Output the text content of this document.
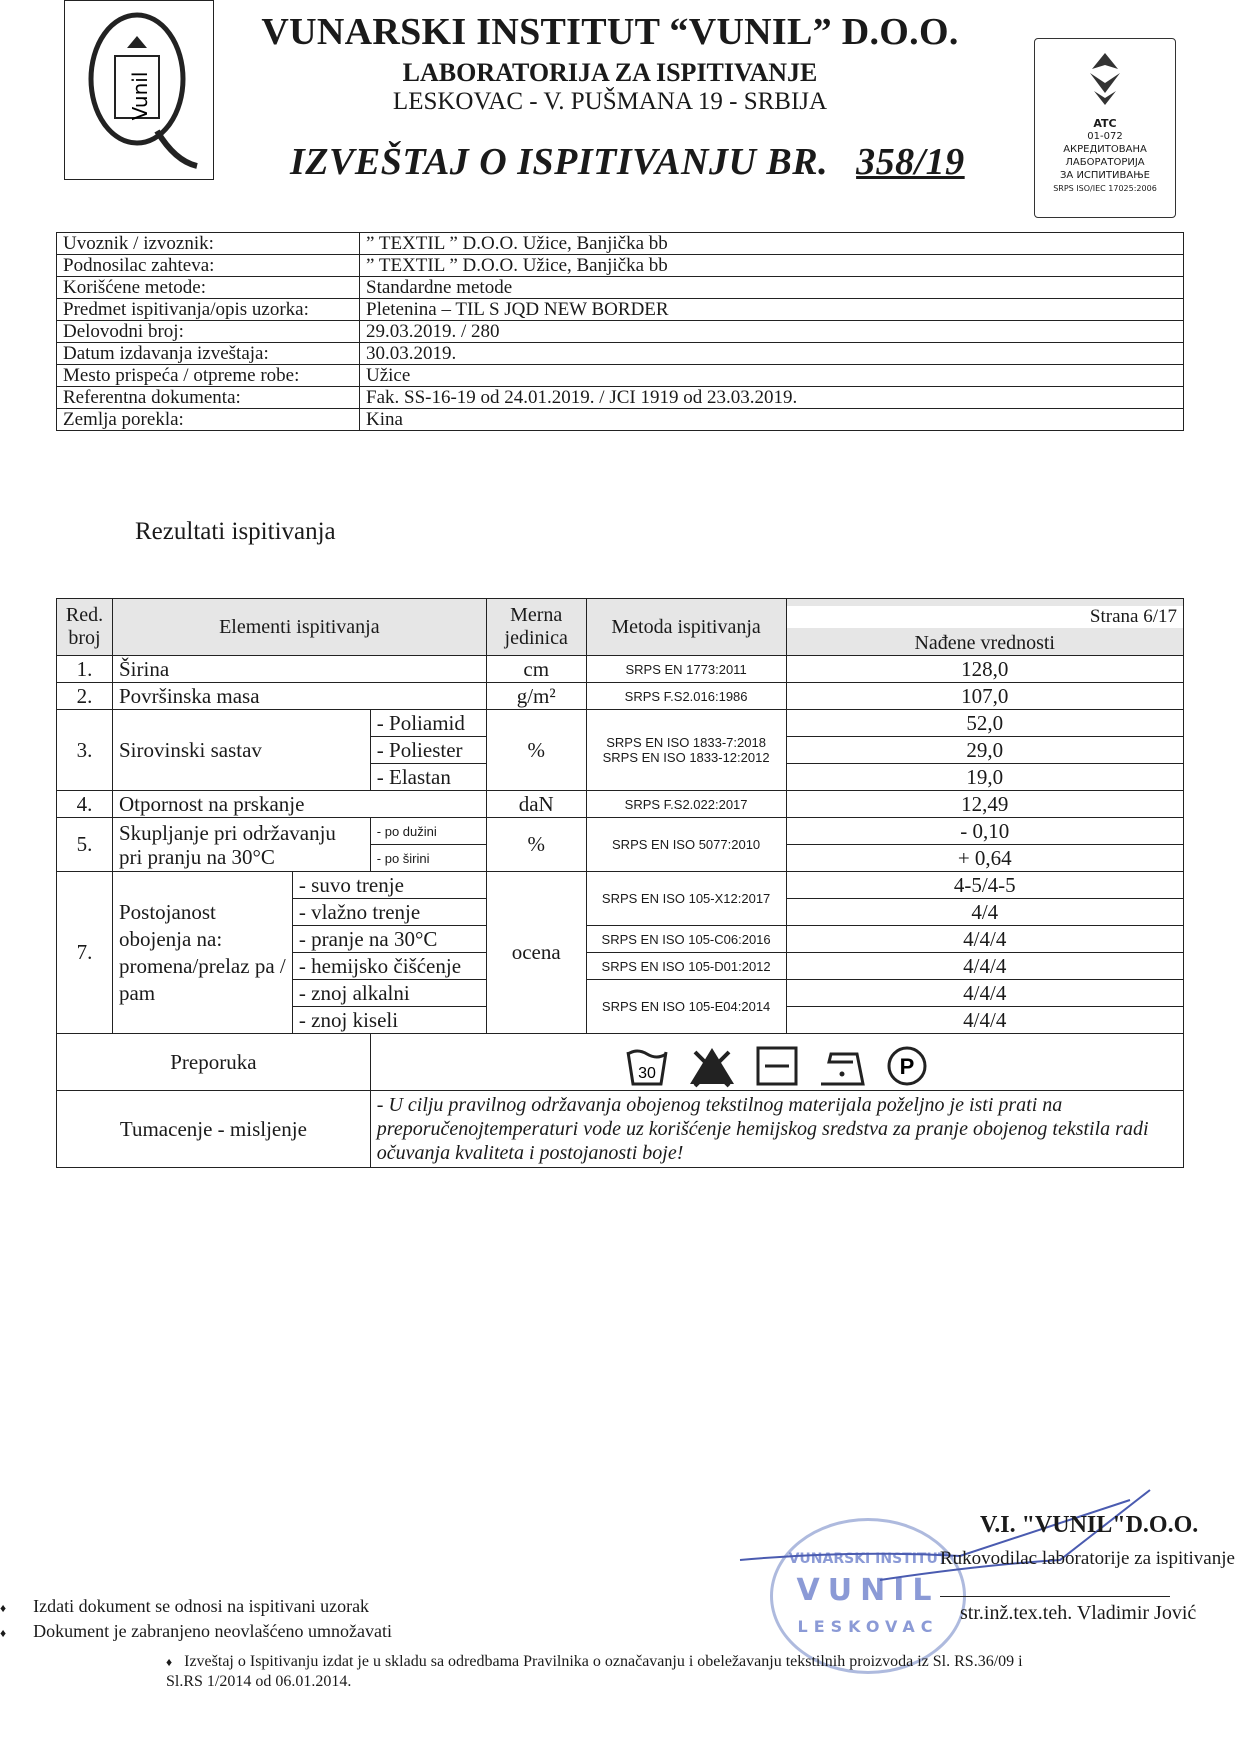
Vunil
VUNARSKI INSTITUT “VUNIL” D.O.O.
LABORATORIJA ZA ISPITIVANJE
LESKOVAC - V. PUŠMANA 19 - SRBIJA
IZVEŠTAJ O ISPITIVANJU BR. 358/19
ATC
01-072
АКРЕДИТОВАНА
ЛАБОРАТОРИЈА
ЗА ИСПИТИВАЊЕ
SRPS ISO/IEC 17025:2006
Uvoznik / izvoznik:	” TEXTIL ” D.O.O. Užice, Banjička bb
Podnosilac zahteva:	” TEXTIL ” D.O.O. Užice, Banjička bb
Korišćene metode:	Standardne metode
Predmet ispitivanja/opis uzorka:	Pletenina – TIL S JQD NEW BORDER
Delovodni broj:	29.03.2019. / 280
Datum izdavanja izveštaja:	30.03.2019.
Mesto prispeća / otpreme robe:	Užice
Referentna dokumenta:	Fak. SS-16-19 od 24.01.2019. / JCI 1919 od 23.03.2019.
Zemlja porekla:	Kina
Rezultati ispitivanja
Red. broj	Elementi ispitivanja			Merna jedinica	Metoda ispitivanja	Strana 6/17
Nađene vrednosti

1.	Širina			cm	SRPS EN 1773:2011	128,0
2.	Površinska masa			g/m²	SRPS F.S2.016:1986	107,0
3.	Sirovinski sastav		- Poliamid	%	SRPS EN ISO 1833-7:2018 SRPS EN ISO 1833-12:2012	52,0
			- Poliester			29,0
			- Elastan			19,0
4.	Otpornost na prskanje			daN	SRPS F.S2.022:2017	12,49
5.	Skupljanje pri održavanju pri pranju na 30°C		- po dužini	%	SRPS EN ISO 5077:2010	- 0,10
			- po širini			+ 0,64
7.	Postojanost obojenja na: promena/prelaz pa / pam	- suvo trenje		ocena	SRPS EN ISO 105-X12:2017	4-5/4-5
		- vlažno trenje				4/4
		- pranje na 30°C			SRPS EN ISO 105-C06:2016	4/4/4
		- hemijsko čišćenje			SRPS EN ISO 105-D01:2012	4/4/4
		- znoj alkalni			SRPS EN ISO 105-E04:2014	4/4/4
		- znoj kiseli				4/4/4
Preporuka			30 P			

Tumacenje - misljenje			- U cilju pravilnog održavanja obojenog tekstilnog materijala poželjno je isti prati na preporučenojtemperaturi vode uz korišćenje hemijskog sredstva za pranje obojenog tekstila radi očuvanja kvaliteta i postojanosti boje!			
VUNARSKI INSTITUT
VUNIL
LESKOVAC
V.I. "VUNIL"D.O.O.
Rukovodilac laboratorije za ispitivanje
str.inž.tex.teh. Vladimir Jović
♦ Izdati dokument se odnosi na ispitivani uzorak
♦ Dokument je zabranjeno neovlašćeno umnožavati
♦ Izveštaj o Ispitivanju izdat je u skladu sa odredbama Pravilnika o označavanju i obeležavanju tekstilnih proizvoda iz Sl. RS.36/09 i Sl.RS 1/2014 od 06.01.2014.
